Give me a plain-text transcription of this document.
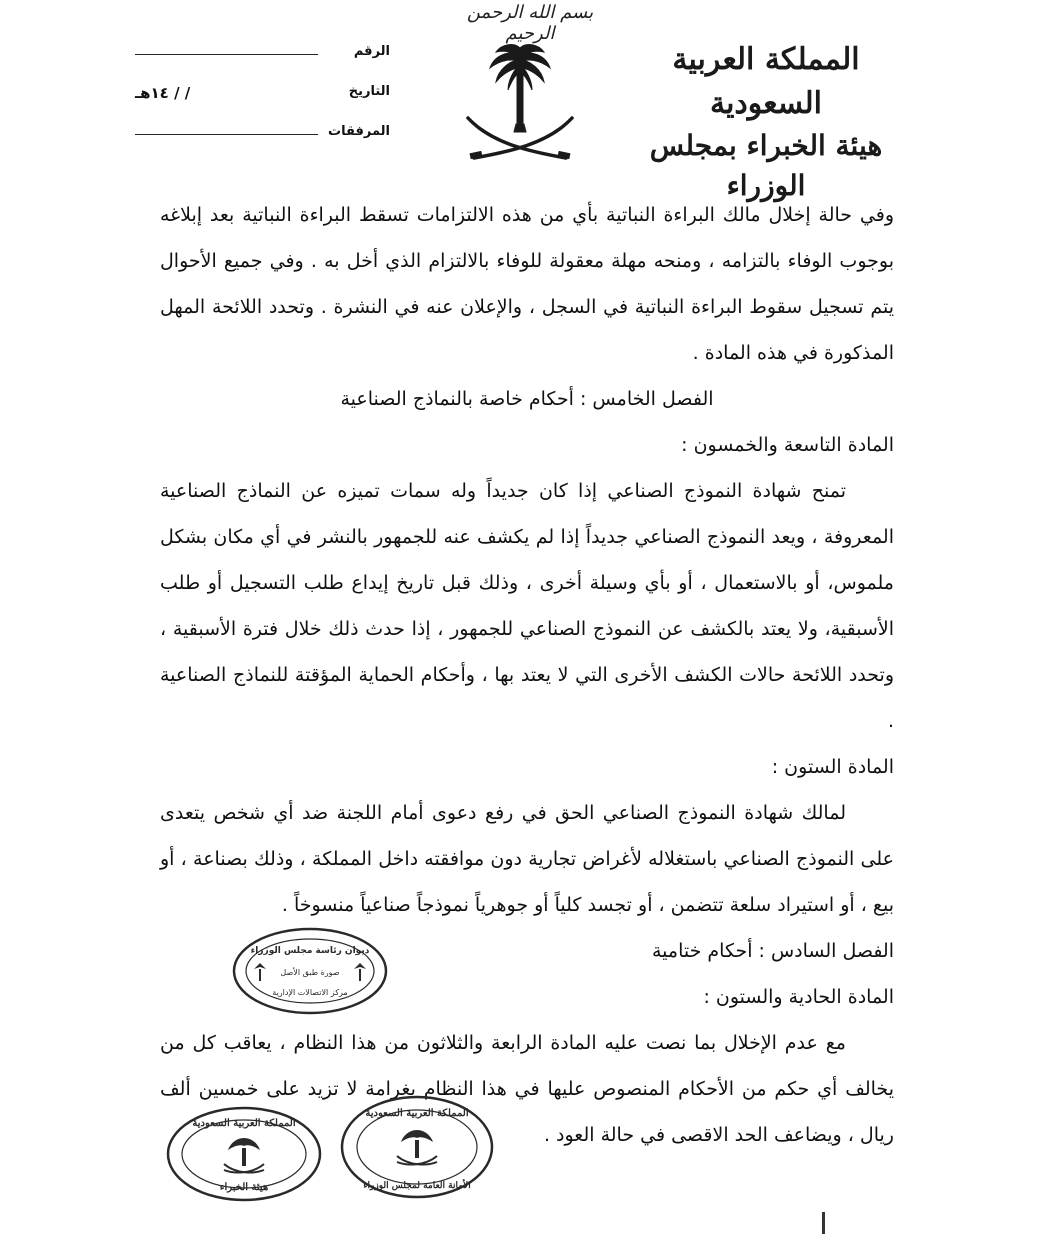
بسم الله الرحمن الرحيم
المملكة العربية السعودية
هيئة الخبراء بمجلس الوزراء
الرقم
التاريخ
/ / ١٤هـ
المرفقات

وفي حالة إخلال مالك البراءة النباتية بأي من هذه الالتزامات تسقط البراءة النباتية بعد إبلاغه بوجوب الوفاء بالتزامه ، ومنحه مهلة معقولة للوفاء بالالتزام الذي أخل به . وفي جميع الأحوال يتم تسجيل سقوط البراءة النباتية في السجل ، والإعلان عنه في النشرة . وتحدد اللائحة المهل المذكورة في هذه المادة .

الفصل الخامس : أحكام خاصة بالنماذج الصناعية

المادة التاسعة والخمسون :

تمنح شهادة النموذج الصناعي إذا كان جديداً وله سمات تميزه عن النماذج الصناعية المعروفة ، ويعد النموذج الصناعي جديداً إذا لم يكشف عنه للجمهور بالنشر في أي مكان بشكل ملموس، أو بالاستعمال ، أو بأي وسيلة أخرى ، وذلك قبل تاريخ إيداع طلب التسجيل أو طلب الأسبقية، ولا يعتد بالكشف عن النموذج الصناعي للجمهور ، إذا حدث ذلك خلال فترة الأسبقية ، وتحدد اللائحة حالات الكشف الأخرى التي لا يعتد بها ، وأحكام الحماية المؤقتة للنماذج الصناعية .

المادة الستون :

لمالك شهادة النموذج الصناعي الحق في رفع دعوى أمام اللجنة ضد أي شخص يتعدى على النموذج الصناعي باستغلاله لأغراض تجارية دون موافقته داخل المملكة ، وذلك بصناعة ، أو بيع ، أو استيراد سلعة تتضمن ، أو تجسد كلياً أو جوهرياً نموذجاً صناعياً منسوخاً .

الفصل السادس : أحكام ختامية

المادة الحادية والستون :

مع عدم الإخلال بما نصت عليه المادة الرابعة والثلاثون من هذا النظام ، يعاقب كل من يخالف أي حكم من الأحكام المنصوص عليها في هذا النظام بغرامة لا تزيد على خمسين ألف ريال ، ويضاعف الحد الاقصى في حالة العود .

ديوان رئاسة مجلس الوزراء
صورة طبق الأصل
مركز الاتصالات الإدارية
المملكة العربية السعودية
هيئة الخبراء
المملكة العربية السعودية
الأمانة العامة لمجلس الوزراء
